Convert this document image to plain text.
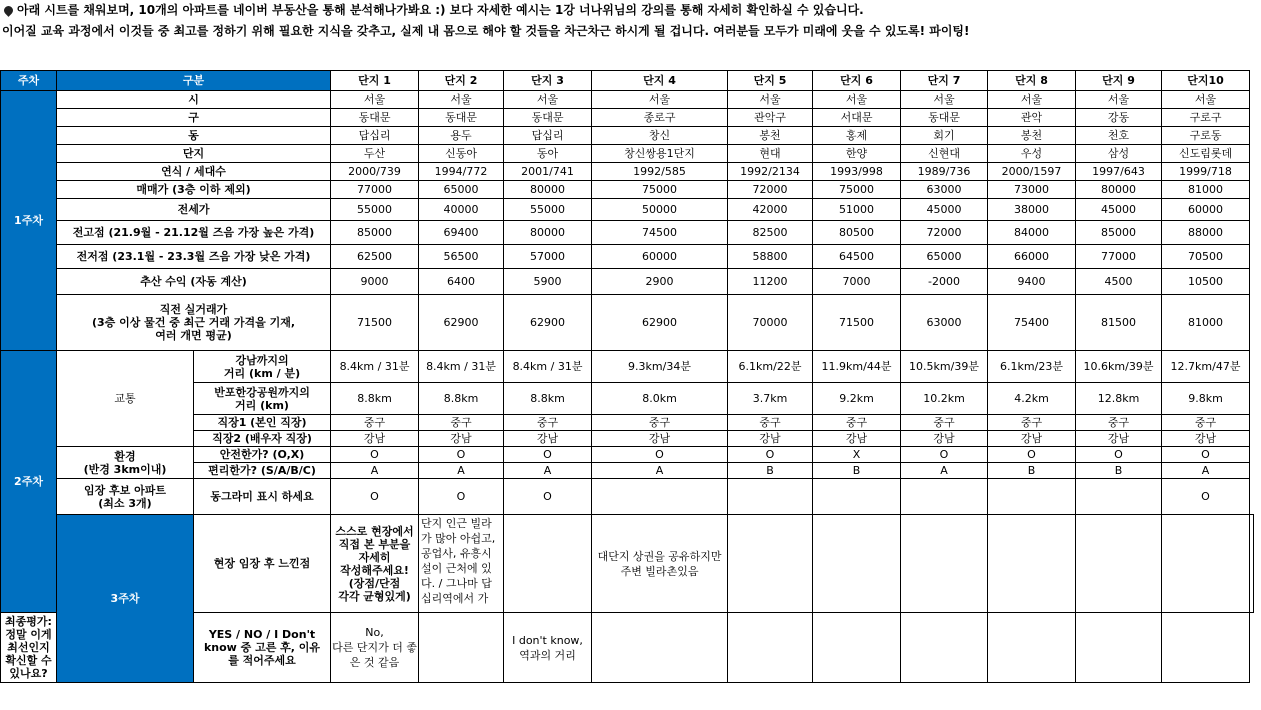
아래 시트를 채워보며, 10개의 아파트를 네이버 부동산을 통해 분석해나가봐요 :) 보다 자세한 예시는 1강 너나위님의 강의를 통해 자세히 확인하실 수 있습니다.
이어질 교육 과정에서 이것들 중 최고를 정하기 위해 필요한 지식을 갖추고, 실제 내 몸으로 해야 할 것들을 차근차근 하시게 될 겁니다. 여러분들 모두가 미래에 웃을 수 있도록! 파이팅!
주차	구분		단지 1	단지 2	단지 3	단지 4	단지 5	단지 6	단지 7	단지 8	단지 9	단지10	
1주차	시		서울	서울	서울	서울	서울	서울	서울	서울	서울	서울	
	구		동대문	동대문	동대문	종로구	관악구	서대문	동대문	관악	강동	구로구	
	동		답십리	용두	답십리	창신	봉천	홍제	회기	봉천	천호	구로동	
	단지		두산	신동아	동아	창신쌍용1단지	현대	한양	신현대	우성	삼성	신도림롯데	
	연식 / 세대수		2000/739	1994/772	2001/741	1992/585	1992/2134	1993/998	1989/736	2000/1597	1997/643	1999/718	
	매매가 (3층 이하 제외)		77000	65000	80000	75000	72000	75000	63000	73000	80000	81000	
	전세가		55000	40000	55000	50000	42000	51000	45000	38000	45000	60000	
	전고점 (21.9월 - 21.12월 즈음 가장 높은 가격)		85000	69400	80000	74500	82500	80500	72000	84000	85000	88000	
	전저점 (23.1월 - 23.3월 즈음 가장 낮은 가격)		62500	56500	57000	60000	58800	64500	65000	66000	77000	70500	
	추산 수익 (자동 계산)		9000	6400	5900	2900	11200	7000	-2000	9400	4500	10500	
	직전 실거래가
(3층 이상 물건 중 최근 거래 가격을 기재,
여러 개면 평균)		71500	62900	62900	62900	70000	71500	63000	75400	81500	81000	
2주차	교통	강남까지의
거리 (km / 분)	8.4km / 31분	8.4km / 31분	8.4km / 31분	9.3km/34분	6.1km/22분	11.9km/44분	10.5km/39분	6.1km/23분	10.6km/39분	12.7km/47분	
		반포한강공원까지의
거리 (km)	8.8km	8.8km	8.8km	8.0km	3.7km	9.2km	10.2km	4.2km	12.8km	9.8km	
		직장1 (본인 직장)	중구	중구	중구	중구	중구	중구	중구	중구	중구	중구	
		직장2 (배우자 직장)	강남	강남	강남	강남	강남	강남	강남	강남	강남	강남	
	환경
(반경 3km이내)	안전한가? (O,X)	O	O	O	O	O	X	O	O	O	O	
		편리한가? (S/A/B/C)	A	A	A	A	B	B	A	B	B	A	
	임장 후보 아파트
(최소 3개)	동그라미 표시 하세요	O	O	O							O	
	3주차	현장 임장 후 느낀점	스스로 현장에서
직접 본 부분을 자세히
작성해주세요!
(장점/단점
각각 균형있게)	단지 인근 빌라가 많아 아쉽고, 공업사, 유흥시설이 근처에 있다. / 그나마 답십리역에서 가		대단지 상권을 공유하지만 주변 빌라촌있음							
최종평가:
정말 이게 최선인지
확신할 수 있나요?		YES / NO / I Don't
know 중 고른 후, 이유
를 적어주세요	No,
다른 단지가 더 좋은 것 같음		I don't know,
역과의 거리								
